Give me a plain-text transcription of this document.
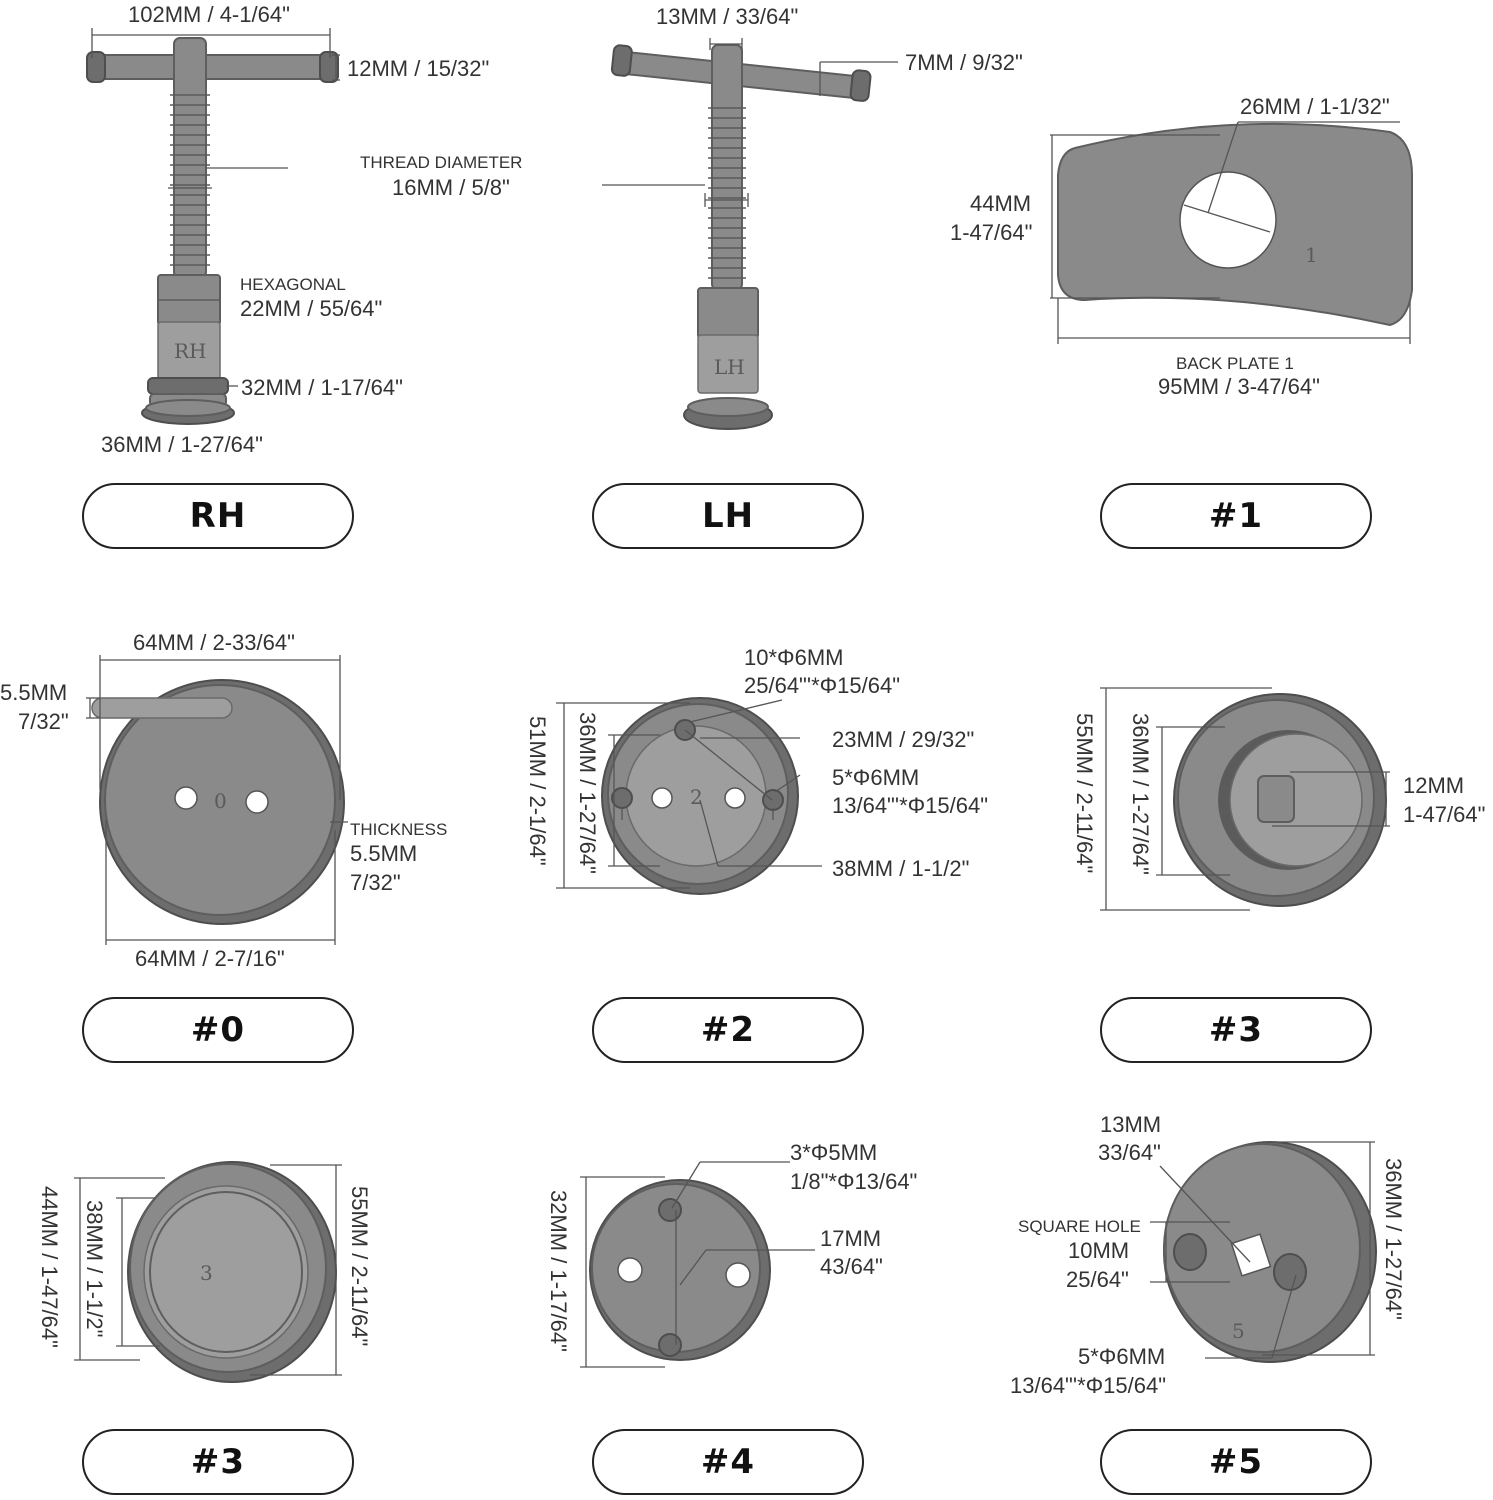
RH
102MM / 4-1/64"
12MM / 15/32"
HEXAGONAL
22MM / 55/64"
32MM / 1-17/64"
36MM / 1-27/64"
LH
13MM / 33/64"
7MM / 9/32"
THREAD DIAMETER
16MM / 5/8"
1
26MM / 1-1/32"
44MM
1-47/64"
BACK PLATE 1
95MM / 3-47/64"
0
64MM / 2-33/64"
5.5MM
7/32"
THICKNESS
5.5MM
7/32"
64MM / 2-7/16"
2
10*Φ6MM
25/64"'*Φ15/64"
23MM / 29/32"
5*Φ6MM
13/64"'*Φ15/64"
38MM / 1-1/2"
51MM / 2-1/64" 36MM / 1-27/64"	55MM / 2-11/64" 36MM / 1-27/64"	12MM
1-47/64"
3
44MM / 1-47/64" 38MM / 1-1/2"	55MM / 2-11/64"
3*Φ5MM
1/8"*Φ13/64"
17MM
43/64"
32MM / 1-17/64"	5
13MM
33/64"
SQUARE HOLE
10MM
25/64"
5*Φ6MM
13/64"'*Φ15/64"
36MM / 1-27/64"
RH	LH	#1
#0	#2	#3
#3	#4	#5
